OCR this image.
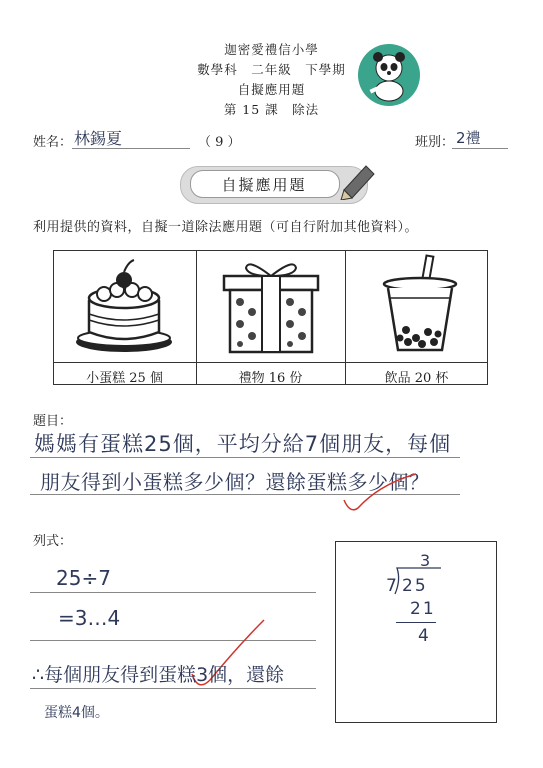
迦密愛禮信小學
數學科　二年級　下學期
自擬應用題
第 15 課　除法
姓名： 林錫夏	（ 9 ）	班別： 2禮
自擬應用題
利用提供的資料，自擬一道除法應用題（可自行附加其他資料）。
小蛋糕 25 個	禮物 16 份	飲品 20 杯
題目：
媽媽有蛋糕25個，平均分給7個朋友，每個
朋友得到小蛋糕多少個？還餘蛋糕多少個？
列式：
25÷7
=3…4
∴每個朋友得到蛋糕3個，還餘
蛋糕4個。
3
7 25
21
4
